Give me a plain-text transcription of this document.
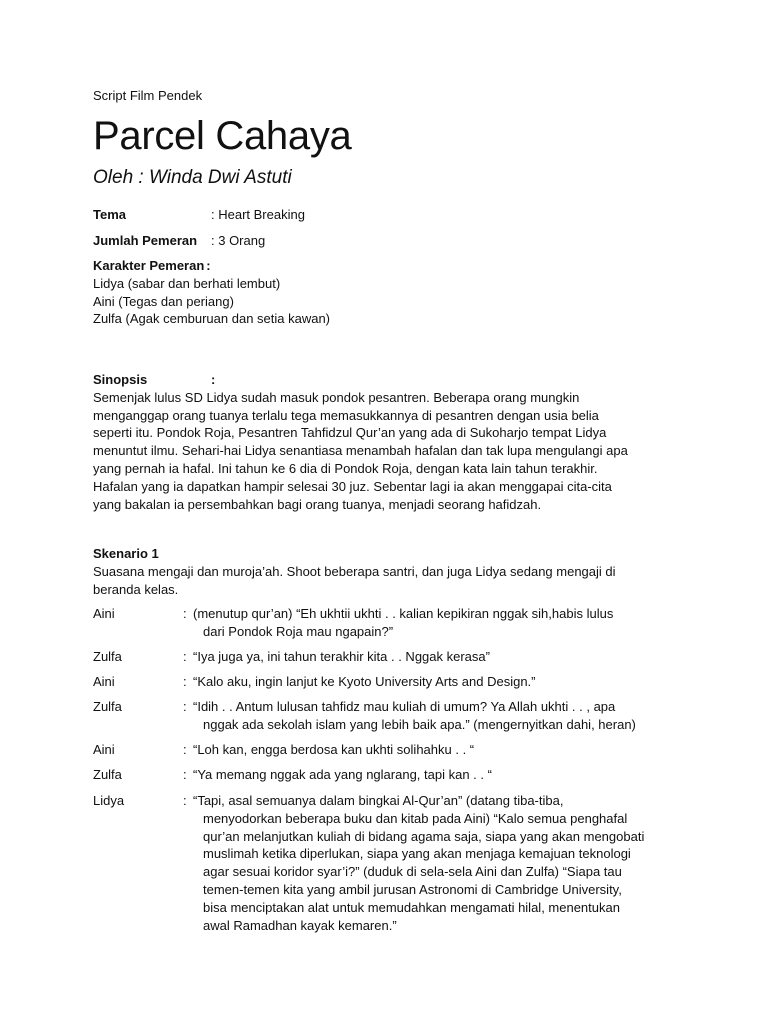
Script Film Pendek
Parcel Cahaya
Oleh : Winda Dwi Astuti
Tema	: Heart Breaking
Jumlah Pemeran : 3 Orang
Karakter Pemeran :
Lidya (sabar dan berhati lembut)
Aini (Tegas dan periang)
Zulfa (Agak cemburuan dan setia kawan)
Sinopsis	:
Semenjak lulus SD Lidya sudah masuk pondok pesantren. Beberapa orang mungkin
menganggap orang tuanya terlalu tega memasukkannya di pesantren dengan usia belia
seperti itu. Pondok Roja, Pesantren Tahfidzul Qur’an yang ada di Sukoharjo tempat Lidya
menuntut ilmu. Sehari-hai Lidya senantiasa menambah hafalan dan tak lupa mengulangi apa
yang pernah ia hafal. Ini tahun ke 6 dia di Pondok Roja, dengan kata lain tahun terakhir.
Hafalan yang ia dapatkan hampir selesai 30 juz. Sebentar lagi ia akan menggapai cita-cita
yang bakalan ia persembahkan bagi orang tuanya, menjadi seorang hafidzah.
Skenario 1
Suasana mengaji dan muroja’ah. Shoot beberapa santri, dan juga Lidya sedang mengaji di
beranda kelas.
Aini	: (menutup qur’an) “Eh ukhtii ukhti . . kalian kepikiran nggak sih,habis lulus
dari Pondok Roja mau ngapain?”
Zulfa	: “Iya juga ya, ini tahun terakhir kita . . Nggak kerasa”
Aini	: “Kalo aku, ingin lanjut ke Kyoto University Arts and Design.”
Zulfa	: “Idih . . Antum lulusan tahfidz mau kuliah di umum? Ya Allah ukhti . . , apa
nggak ada sekolah islam yang lebih baik apa.” (mengernyitkan dahi, heran)
Aini	: “Loh kan, engga berdosa kan ukhti solihahku . . “
Zulfa	: “Ya memang nggak ada yang nglarang, tapi kan . . “
Lidya	: “Tapi, asal semuanya dalam bingkai Al-Qur’an” (datang tiba-tiba,
menyodorkan beberapa buku dan kitab pada Aini) “Kalo semua penghafal
qur’an melanjutkan kuliah di bidang agama saja, siapa yang akan mengobati
muslimah ketika diperlukan, siapa yang akan menjaga kemajuan teknologi
agar sesuai koridor syar’i?” (duduk di sela-sela Aini dan Zulfa) “Siapa tau
temen-temen kita yang ambil jurusan Astronomi di Cambridge University,
bisa menciptakan alat untuk memudahkan mengamati hilal, menentukan
awal Ramadhan kayak kemaren.”
